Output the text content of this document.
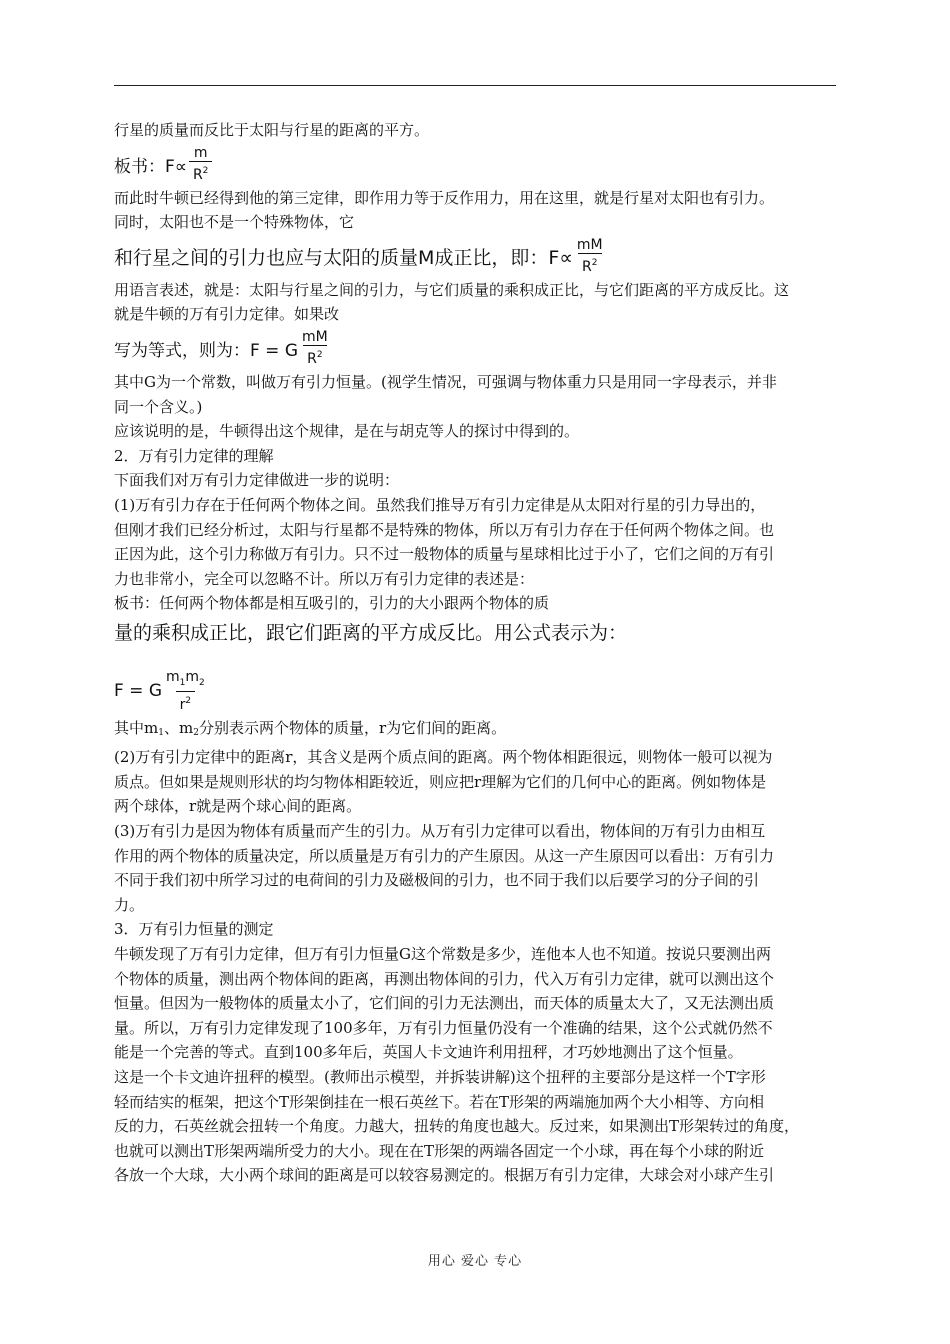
行星的质量而反比于太阳与行星的距离的平方。

板书：$F\propto \frac{m}{R^2}$

而此时牛顿已经得到他的第三定律，即作用力等于反作用力，用在这里，就是行星对太阳也有引力。

同时，太阳也不是一个特殊物体，它

和行星之间的引力也应与太阳的质量M成正比，即：$F\propto \frac{mM}{R^2}$

用语言表述，就是：太阳与行星之间的引力，与它们质量的乘积成正比，与它们距离的平方成反比。这

就是牛顿的万有引力定律。如果改

写为等式，则为：F = G $\frac{mM}{R^2}$

其中G为一个常数，叫做万有引力恒量。(视学生情况，可强调与物体重力只是用同一字母表示，并非

同一个含义。)

应该说明的是，牛顿得出这个规律，是在与胡克等人的探讨中得到的。

2．万有引力定律的理解

下面我们对万有引力定律做进一步的说明：

(1)万有引力存在于任何两个物体之间。虽然我们推导万有引力定律是从太阳对行星的引力导出的，

但刚才我们已经分析过，太阳与行星都不是特殊的物体，所以万有引力存在于任何两个物体之间。也

正因为此，这个引力称做万有引力。只不过一般物体的质量与星球相比过于小了，它们之间的万有引

力也非常小，完全可以忽略不计。所以万有引力定律的表述是：

板书：任何两个物体都是相互吸引的，引力的大小跟两个物体的质

量的乘积成正比，跟它们距离的平方成反比。用公式表示为：
F = G $\frac{m_1m_2}{r^2}$

其中$m_1$、$m_2$分别表示两个物体的质量，r为它们间的距离。

(2)万有引力定律中的距离r，其含义是两个质点间的距离。两个物体相距很远，则物体一般可以视为

质点。但如果是规则形状的均匀物体相距较近，则应把r理解为它们的几何中心的距离。例如物体是

两个球体，r就是两个球心间的距离。

(3)万有引力是因为物体有质量而产生的引力。从万有引力定律可以看出，物体间的万有引力由相互

作用的两个物体的质量决定，所以质量是万有引力的产生原因。从这一产生原因可以看出：万有引力

不同于我们初中所学习过的电荷间的引力及磁极间的引力，也不同于我们以后要学习的分子间的引

力。

3．万有引力恒量的测定

牛顿发现了万有引力定律，但万有引力恒量G这个常数是多少，连他本人也不知道。按说只要测出两

个物体的质量，测出两个物体间的距离，再测出物体间的引力，代入万有引力定律，就可以测出这个

恒量。但因为一般物体的质量太小了，它们间的引力无法测出，而天体的质量太大了，又无法测出质

量。所以，万有引力定律发现了100多年，万有引力恒量仍没有一个准确的结果，这个公式就仍然不

能是一个完善的等式。直到100多年后，英国人卡文迪许利用扭秤，才巧妙地测出了这个恒量。

这是一个卡文迪许扭秤的模型。(教师出示模型，并拆装讲解)这个扭秤的主要部分是这样一个T字形

轻而结实的框架，把这个T形架倒挂在一根石英丝下。若在T形架的两端施加两个大小相等、方向相

反的力，石英丝就会扭转一个角度。力越大，扭转的角度也越大。反过来，如果测出T形架转过的角度，

也就可以测出T形架两端所受力的大小。现在在T形架的两端各固定一个小球，再在每个小球的附近

各放一个大球，大小两个球间的距离是可以较容易测定的。根据万有引力定律，大球会对小球产生引

用心 爱心 专心
